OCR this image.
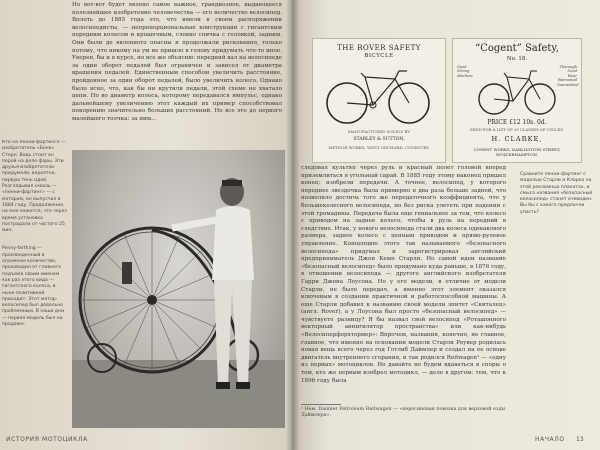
Но вот-вот будет явлено самое важное, грандиозное, выдающееся полезнейшее изобретение человечества — его величество велосипед. Вплоть до 1885 года это, что имели в своем распоряжении велосипедисты, — непропорциональные конструкции с гигантским передним колесом и крошечным, словно спичка с головкой, задним. Они были до явленного опасны и продолжали рискованно, только потому, что никому на ум не пришло в голову придумать что-то иное. Уверен, бы и в курсе, но все же объясню: передний вал на велосипеде за один оборот педалей был ограничен и зависел от диаметра вращения педалей. Единственным способом увеличить расстояние, пройденное за один оборот педалей, было увеличить колесо. Однако было ясно, что, как бы ни крутили педали, этой схеме не хватало цепи. Но во диаметр колеса, которому передавался импульс, однако дальнейшему увеличению этот каждый их пример способствовал покорению значительно больших расстояний. Но все это до первого малейшего толчка: за ним…

Кто на пенни-фартинге — изобретатель «Бона» Стерн. Ведь стоит он порой на деле фары. Эти друзья-изобретатели придумали, вероятно, первую тень идей. Разглядывая сквозь — «пенни-фартинг» — с мотором, он выпустил в 1884 году. Продолжение, но мне кажется, что через время установка пострадала от частого 25 мин.

Penny-farthing — произведенный в огромном количестве, производил от главного подъема своим именем как раз этого вида — гигантского колеса, в ныне позитивной приходит. Этот мотор-велосипед был довольно проблемным. В наши дни — первая модель был на продаже.

ИСТОРИЯ МОТОЦИКЛА
THE ROVER SAFETY
BICYCLE
MANUFACTURED SOLELY BY
STARLEY & SUTTON,
METEOR WORKS, WEST ORCHARD, COVENTRY.
“Cogent” Safety,
No. 18.
Good Strong Machine
Thorough Good Wear Warranted Guaranteed
PRICE £12 10s. 0d.
SEND FOR A LIST OF 20 CLASSES OF CYCLES.
H. CLARKE,
COGENT WORKS, DARLINGTON STREET, WOLVERHAMPTON.

следовал культяп через руль и красный полет головой вперед приземлиться в угольный сарай. В 1885 году этому наконец пришел конец: изобрели передачи. А точнее, велосипед, у которого переднее звездочка была примерно в два раза больше задней, что позволило достичь того же передаточного коэффициента, что у большеколесного велосипеда, но без риска улететь при падении с этой громадины. Передача была еще гениальнее за тем, что колесо с приводом на заднее колесо, чтобы в руль на передний в следствие. Итак, у нового велосипеда стали два колеса одинакового размера, заднее колесо с цепным приводом и прямо-рулевое управление. Концепцию этого так называемого «безопасного велосипеда» придумал и зарегистрировал английский предприниматель Джон Кемп Старли. Но самой идеи название «безопасный велосипед» было придумано куда раньше, в 1876 году, в отношении велосипеда — другого английского изобретателя Гарри Джона Лоусона. Но у его модели, в отличие от модели Старли, не было передач, а именно этот элемент оказался ключевым в создании практичной и работоспособной машины. А еще Старли добавил к названию своей модели эпитет «Скиталец» (англ. Rover), а у Лоусона был просто «безопасный велосипед» — чувствуете разницу? Я бы назвал свой велосипед «Роташонного векторный аннигилятор пространства» или как-нибудь «Велосиперфорхтормер»: Впрочем, названия, конечно, не главное, главное, что именно на основании модели Старли Роувер родилась новая вещь всего через год Готлиб Даймлер и создал на ее основе двигатель внутреннего сгорания, и так родился Reitwagen¹ — «одну из первых» мотоциклов. Но давайте не будем вдаваться в споры о том, кто же первым изобрел мотоцикл, — дело в другом: тем, что к 1896 году была

Сравните пенни-фартинг с моделью Старли и Кларка на этой рекламных плакатах, и смысл названия «безопасный велосипед» станет очевиден. Вы бы с какого предпочли упасть?

¹ Нем. Daimler Petroleum Reitwagen — «керосиновая повозка для верховой езды Даймлера».

НАЧАЛО 13
